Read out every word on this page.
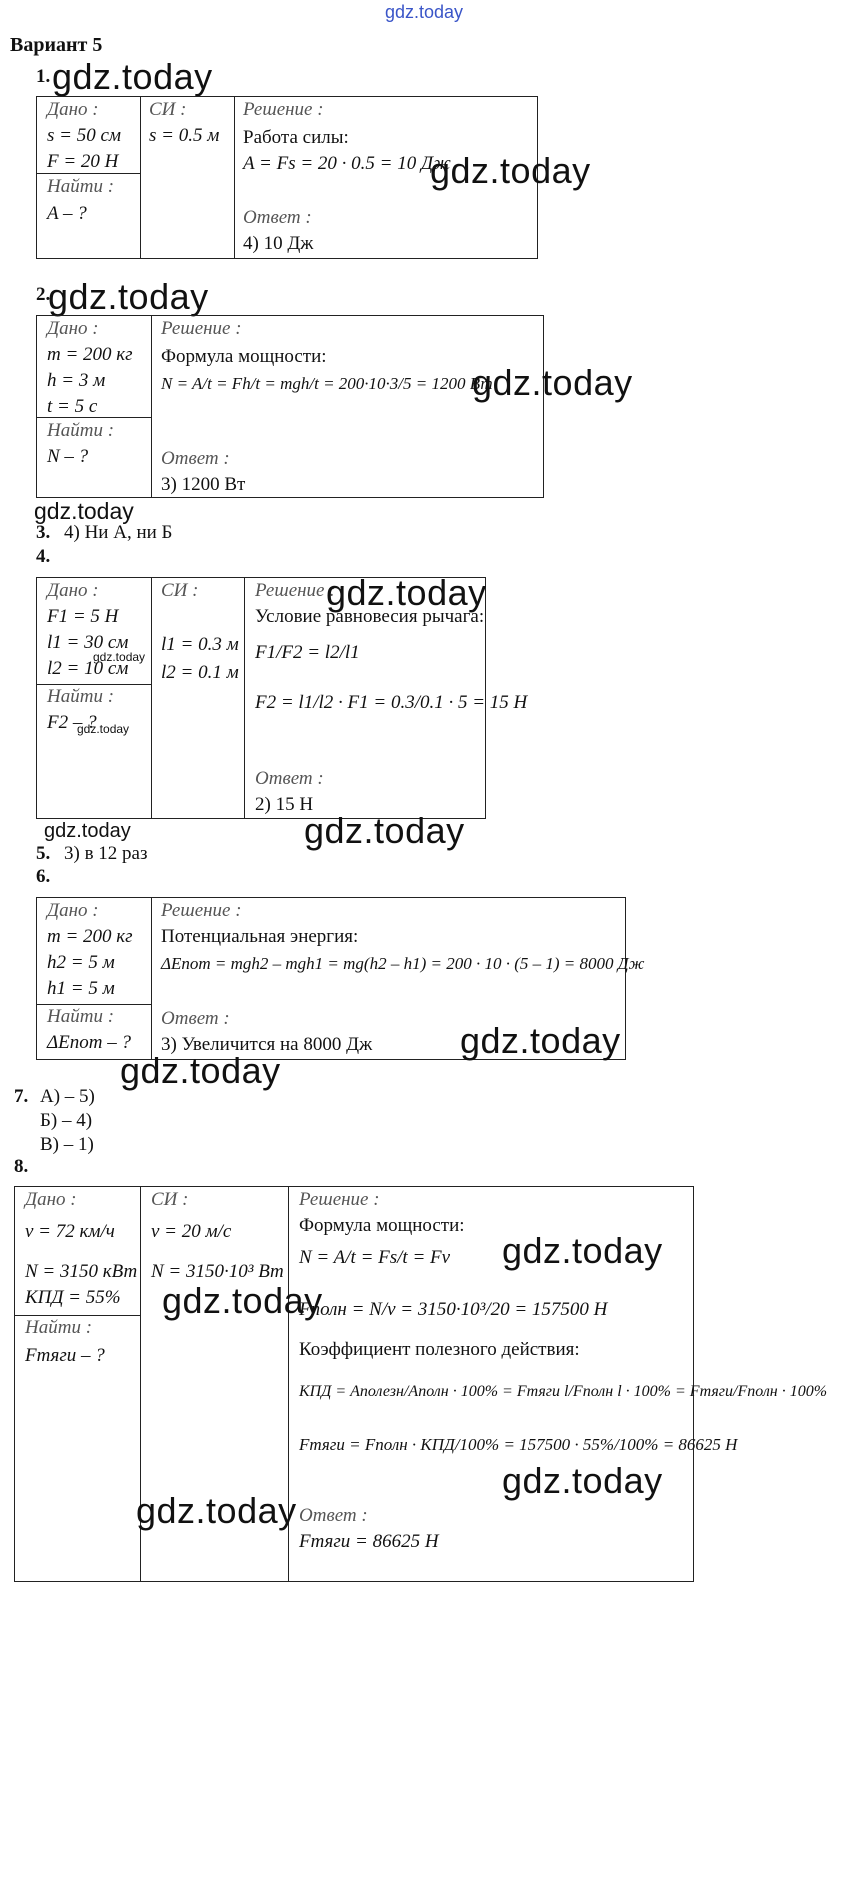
gdz.today
Вариант 5
1. gdz.today
Дано :
s = 50 см
F = 20 Н
Найти :
A – ?
СИ :
s = 0.5 м
Решение :
Работа силы:
A = Fs = 20 · 0.5 = 10 Дж
Ответ :
4) 10 Дж
gdz.today
2.
gdz.today
Дано :
m = 200 кг
h = 3 м
t = 5 с
Найти :
N – ?
Решение :
Формула мощности:
N = A/t = Fh/t = mgh/t = 200·10·3/5 = 1200 Вт
Ответ :
3) 1200 Вт
gdz.today
gdz.today
3. 4) Ни А, ни Б
4.
Дано :
F1 = 5 Н
l1 = 30 см
l2 = 10 см
gdz.today
Найти :
F2 – ?
gdz.today
СИ :
l1 = 0.3 м
l2 = 0.1 м
Решение :
Условие равновесия рычага:
F1/F2 = l2/l1
F2 = l1/l2 · F1 = 0.3/0.1 · 5 = 15 Н
Ответ :
2) 15 Н
gdz.today
gdz.today	gdz.today
5. 3) в 12 раз
6.
Дано :
m = 200 кг
h2 = 5 м
h1 = 5 м
Найти :
ΔEпот – ?
Решение :
Потенциальная энергия:
ΔEпот = mgh2 – mgh1 = mg(h2 – h1) = 200 · 10 · (5 – 1) = 8000 Дж
Ответ :
3) Увеличится на 8000 Дж gdz.today
gdz.today
7. А) – 5)
Б) – 4)
В) – 1)
8.
Дано :
v = 72 км/ч
N = 3150 кВт
КПД = 55%
Найти :
Fтяги – ?
СИ :
v = 20 м/с
N = 3150·10³ Вт
Решение :
Формула мощности:
N = A/t = Fs/t = Fv
Fполн = N/v = 3150·10³/20 = 157500 Н
Коэффициент полезного действия:
КПД = Aполезн/Aполн · 100% = Fтяги l/Fполн l · 100% = Fтяги/Fполн · 100%
Fтяги = Fполн · КПД/100% = 157500 · 55%/100% = 86625 Н
Ответ :
Fтяги = 86625 Н
gdz.today
gdz.today
gdz.today
gdz.today
